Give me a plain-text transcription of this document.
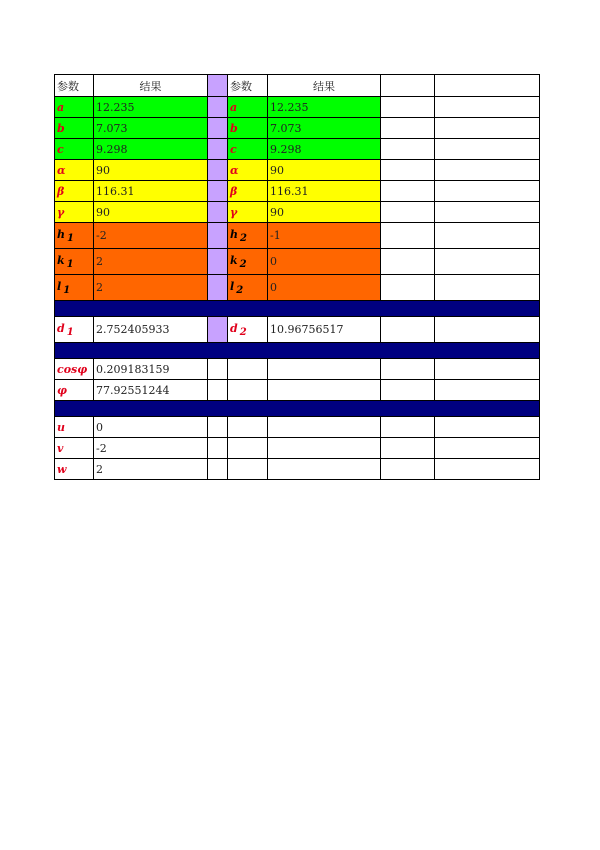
参数	结果		参数	结果		
a	12.235		a	12.235		
b	7.073		b	7.073		
c	9.298		c	9.298		
α	90		α	90		
β	116.31		β	116.31		
γ	90		γ	90		
h 1	-2		h 2	-1		
k 1	2		k 2	0		
l 1	2		l 2	0		

d 1	2.752405933		d 2	10.96756517		

cosφ	0.209183159					
φ	77.92551244					

u	0					
v	-2					
w	2					
